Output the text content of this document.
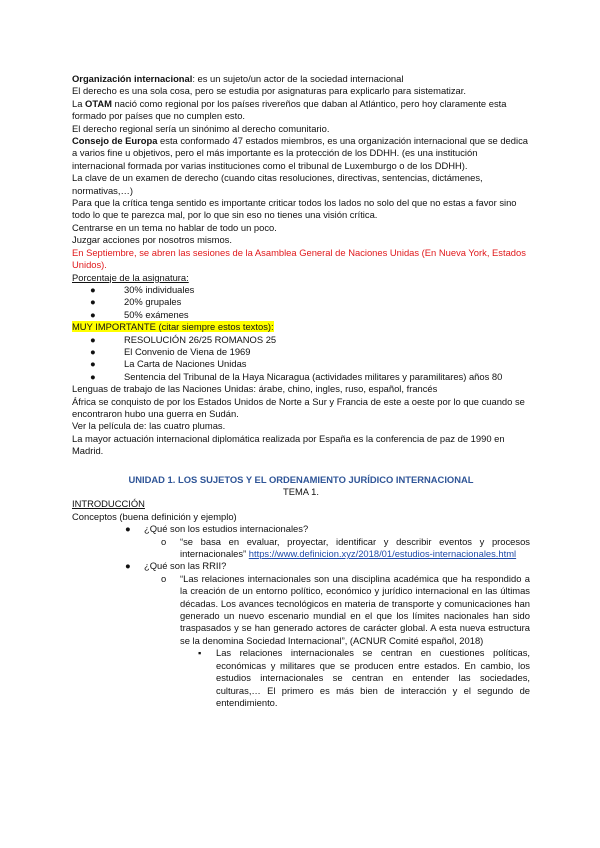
Organización internacional: es un sujeto/un actor de la sociedad internacional

El derecho es una sola cosa, pero se estudia por asignaturas para explicarlo para sistematizar.

La OTAM nació como regional por los países rivereños que daban al Atlántico, pero hoy claramente esta formado por países que no cumplen esto.

El derecho regional sería un sinónimo al derecho comunitario.

Consejo de Europa esta conformado 47 estados miembros, es una organización internacional que se dedica a varios fine u objetivos, pero el más importante es la protección de los DDHH. (es una institución internacional formada por varias instituciones como el tribunal de Luxemburgo o de los DDHH).

La clave de un examen de derecho (cuando citas resoluciones, directivas, sentencias, dictámenes, normativas,…)

Para que la crítica tenga sentido es importante criticar todos los lados no solo del que no estas a favor sino todo lo que te parezca mal, por lo que sin eso no tienes una visión crítica.

Centrarse en un tema no hablar de todo un poco.

Juzgar acciones por nosotros mismos.

En Septiembre, se abren las sesiones de la Asamblea General de Naciones Unidas (En Nueva York, Estados Unidos).

Porcentaje de la asignatura:

●	30% individuales

●	20% grupales

●	50% exámenes

MUY IMPORTANTE (citar siempre estos textos):

●	RESOLUCIÓN 26/25 ROMANOS 25

●	El Convenio de Viena de 1969

●	La Carta de Naciones Unidas

●	Sentencia del Tribunal de la Haya Nicaragua (actividades militares y paramilitares) años 80

Lenguas de trabajo de las Naciones Unidas: árabe, chino, ingles, ruso, español, francés

África se conquisto de por los Estados Unidos de Norte a Sur y Francia de este a oeste por lo que cuando se encontraron hubo una guerra en Sudán.

Ver la película de: las cuatro plumas.

La mayor actuación internacional diplomática realizada por España es la conferencia de paz de 1990 en Madrid.

UNIDAD 1. LOS SUJETOS Y EL ORDENAMIENTO JURÍDICO INTERNACIONAL

TEMA 1.

INTRODUCCIÓN

Conceptos (buena definición y ejemplo)

● ¿Qué son los estudios internacionales?

o “se basa en evaluar, proyectar, identificar y describir eventos y procesos internacionales” https://www.definicion.xyz/2018/01/estudios-internacionales.html

● ¿Qué son las RRII?

o “Las relaciones internacionales son una disciplina académica que ha respondido a la creación de un entorno político, económico y jurídico internacional en las últimas décadas. Los avances tecnológicos en materia de transporte y comunicaciones han generado un nuevo escenario mundial en el que los límites nacionales han sido traspasados y se han generado actores de carácter global. A esta nueva estructura se la denomina Sociedad Internacional”, (ACNUR Comité español, 2018)

▪ Las relaciones internacionales se centran en cuestiones políticas, económicas y militares que se producen entre estados. En cambio, los estudios internacionales se centran en entender las sociedades, culturas,… El primero es más bien de interacción y el segundo de entendimiento.
